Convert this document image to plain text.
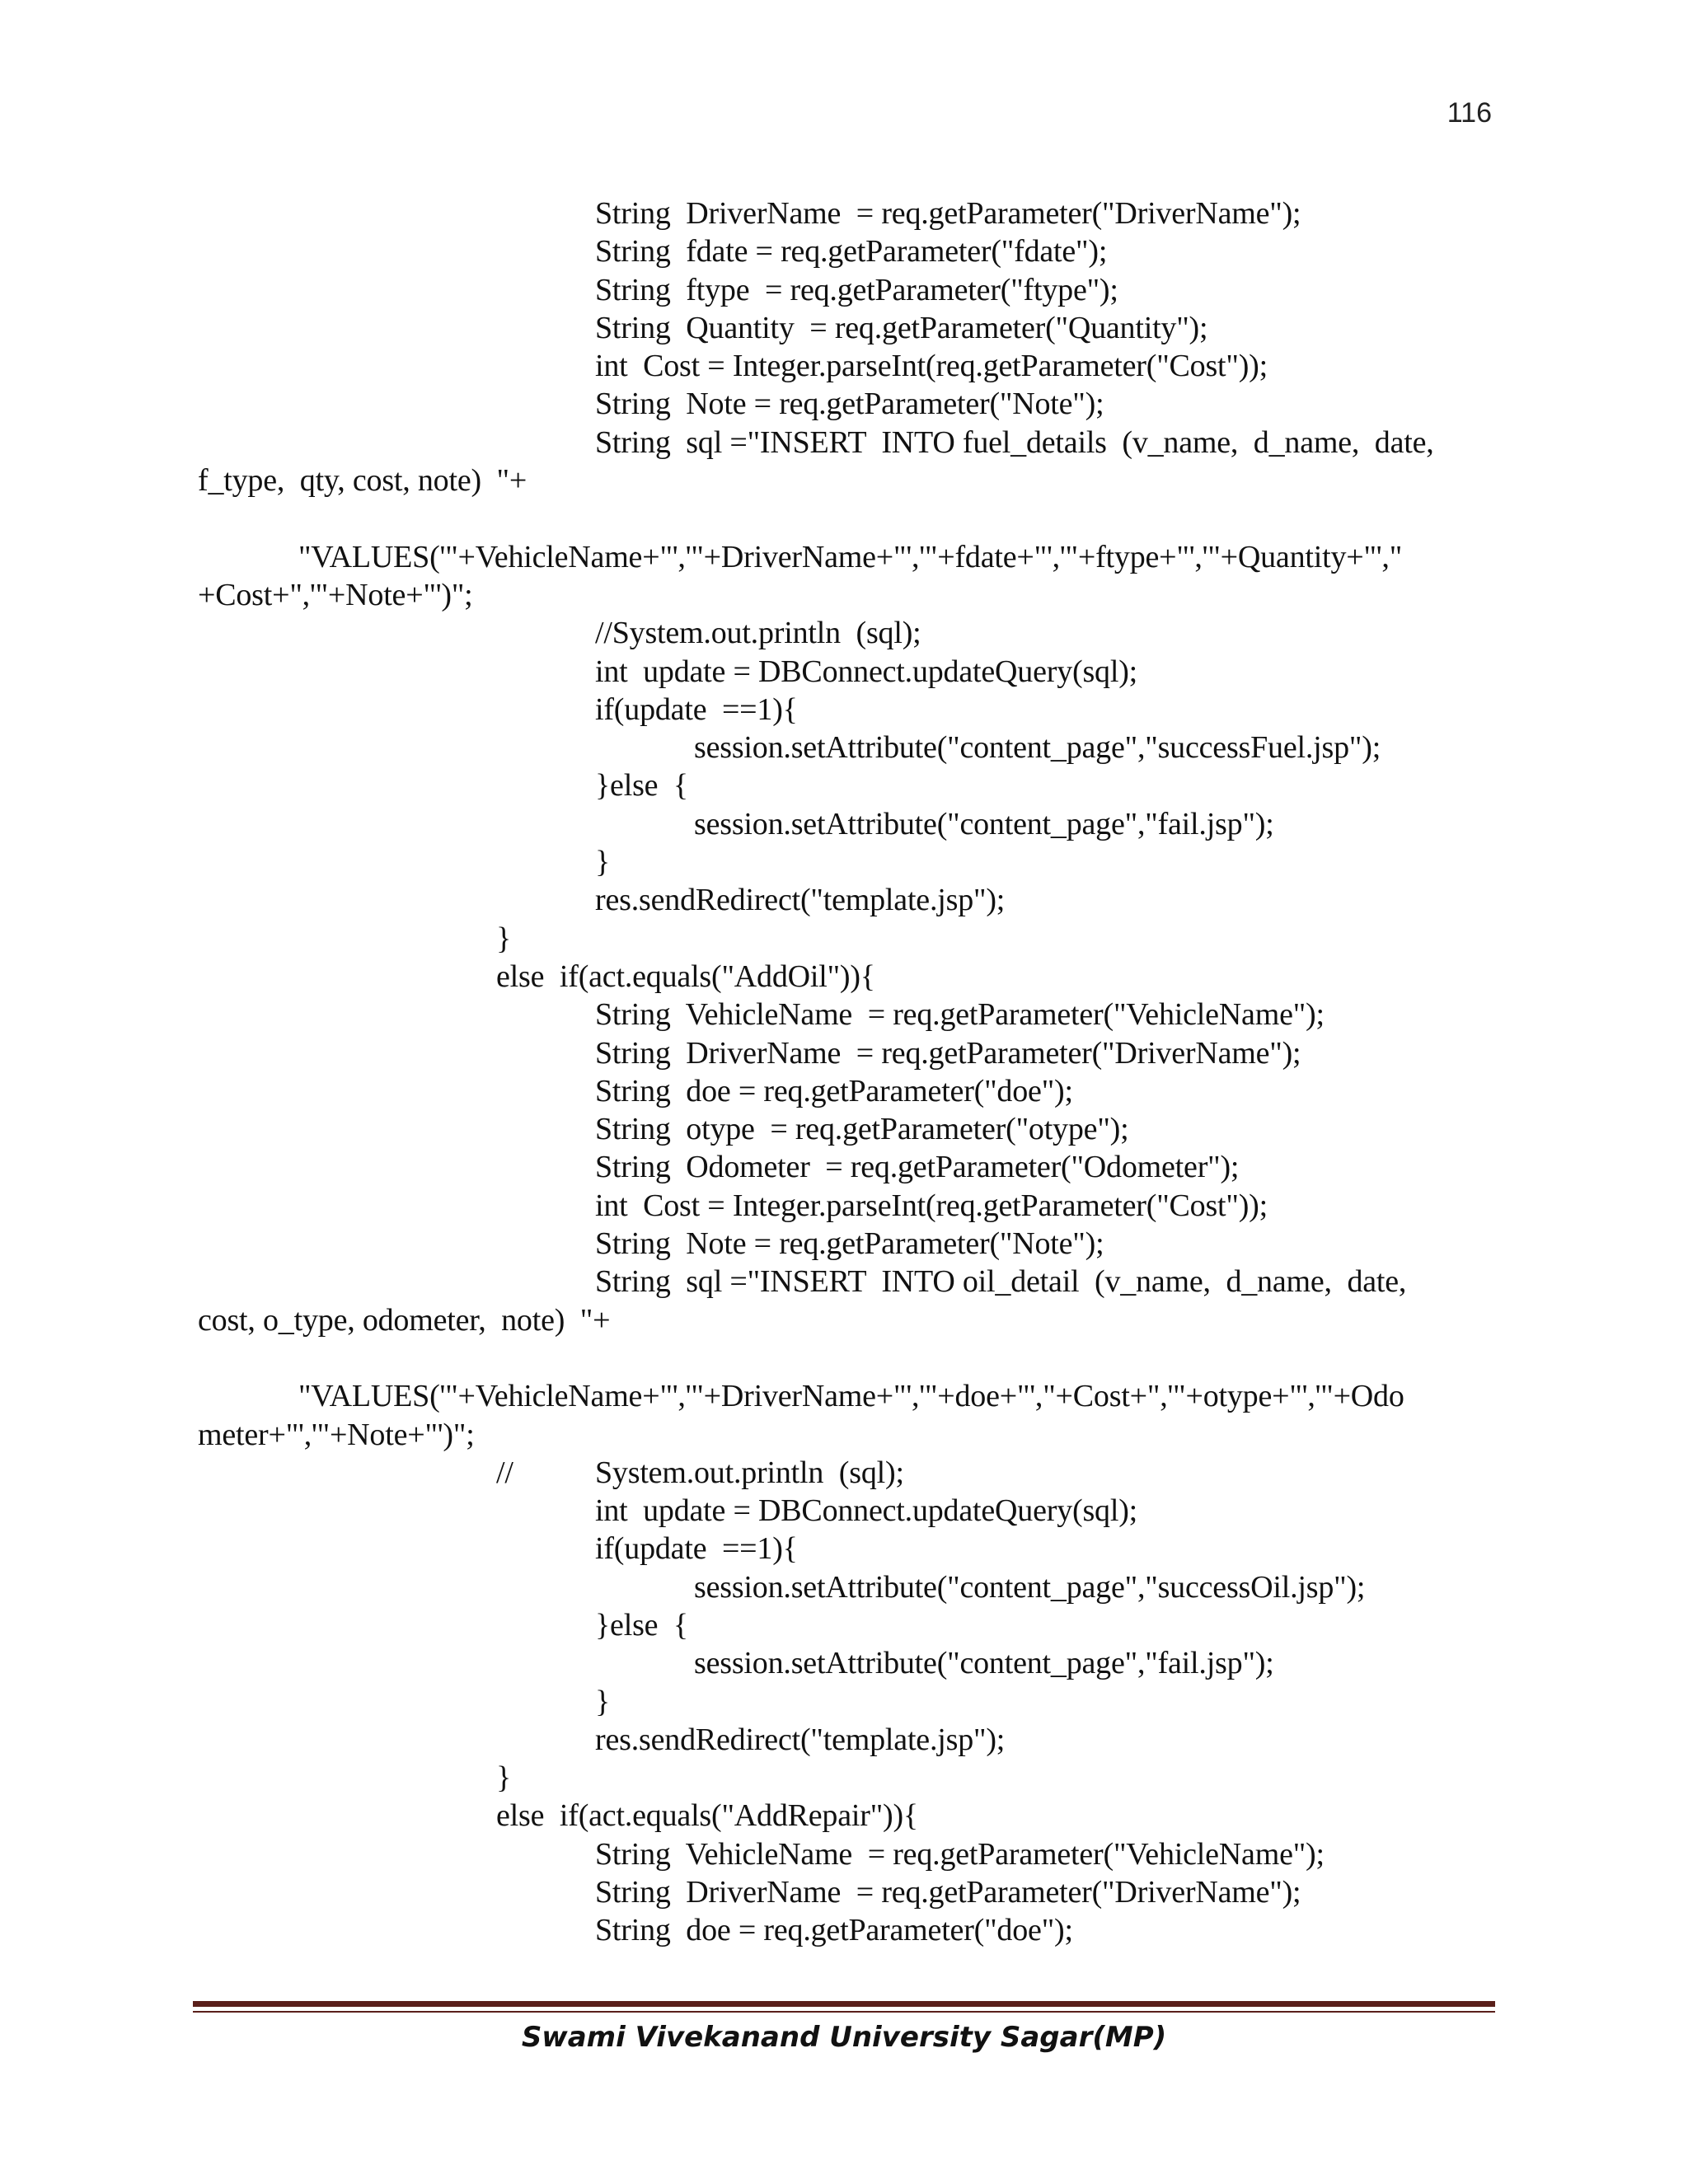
116
String  DriverName  = req.getParameter("DriverName");
String  fdate = req.getParameter("fdate");
String  ftype  = req.getParameter("ftype");
String  Quantity  = req.getParameter("Quantity");
int  Cost = Integer.parseInt(req.getParameter("Cost"));
String  Note = req.getParameter("Note");
String  sql ="INSERT  INTO fuel_details  (v_name,  d_name,  date,
f_type,  qty, cost, note)  "+
"VALUES('"+VehicleName+"','"+DriverName+"','"+fdate+"','"+ftype+"','"+Quantity+"',"
+Cost+",'"+Note+"')";
//System.out.println  (sql);
int  update = DBConnect.updateQuery(sql);
if(update  ==1){
session.setAttribute("content_page","successFuel.jsp");
}else  {
session.setAttribute("content_page","fail.jsp");
}
res.sendRedirect("template.jsp");
}
else  if(act.equals("AddOil")){
String  VehicleName  = req.getParameter("VehicleName");
String  DriverName  = req.getParameter("DriverName");
String  doe = req.getParameter("doe");
String  otype  = req.getParameter("otype");
String  Odometer  = req.getParameter("Odometer");
int  Cost = Integer.parseInt(req.getParameter("Cost"));
String  Note = req.getParameter("Note");
String  sql ="INSERT  INTO oil_detail  (v_name,  d_name,  date,
cost, o_type, odometer,  note)  "+
"VALUES('"+VehicleName+"','"+DriverName+"','"+doe+"',"+Cost+",'"+otype+"','"+Odo
meter+"','"+Note+"')";
//	System.out.println  (sql);
int  update = DBConnect.updateQuery(sql);
if(update  ==1){
session.setAttribute("content_page","successOil.jsp");
}else  {
session.setAttribute("content_page","fail.jsp");
}
res.sendRedirect("template.jsp");
}
else  if(act.equals("AddRepair")){
String  VehicleName  = req.getParameter("VehicleName");
String  DriverName  = req.getParameter("DriverName");
String  doe = req.getParameter("doe");
Swami Vivekanand University Sagar(MP)
